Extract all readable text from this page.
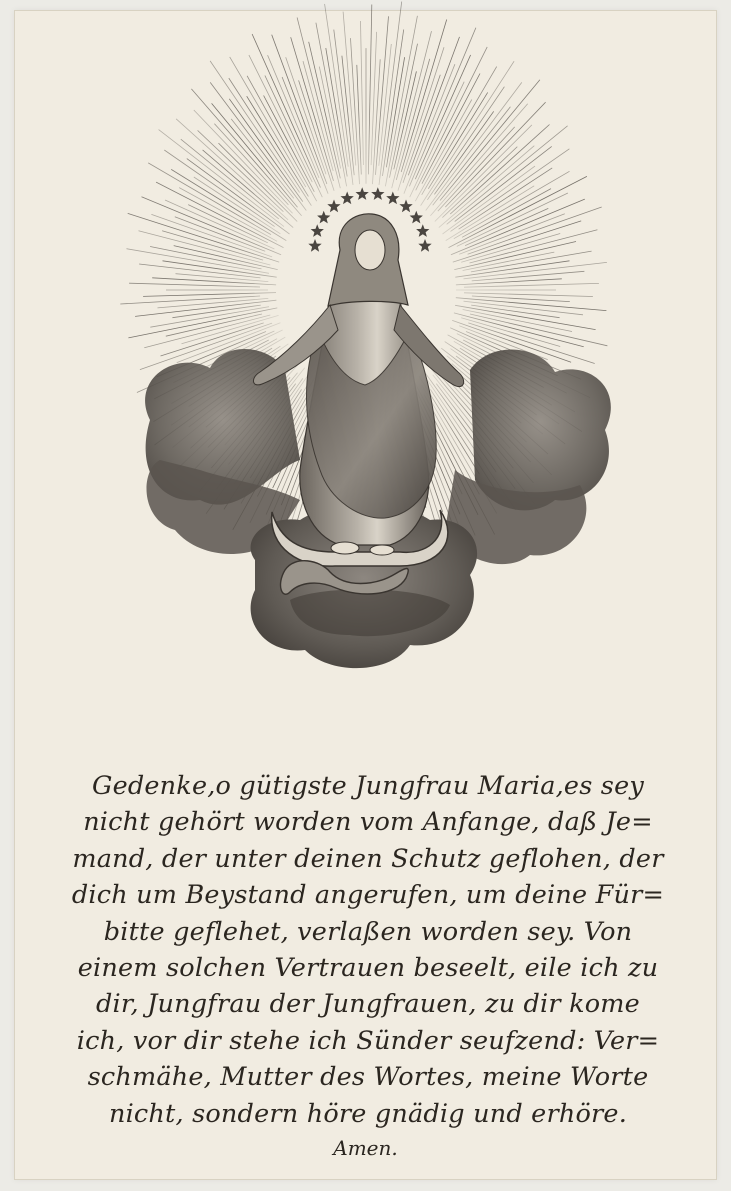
Gedenke,o gütigste Jungfrau Maria,es sey
nicht gehört worden vom Anfange, daß Je=
mand, der unter deinen Schutz geflohen, der
dich um Beystand angerufen, um deine Für=
bitte geflehet, verlaßen worden sey. Von
einem solchen Vertrauen beseelt, eile ich zu
dir, Jungfrau der Jungfrauen, zu dir kome
ich, vor dir stehe ich Sünder seufzend: Ver=
schmähe, Mutter des Wortes, meine Worte
nicht, sondern höre gnädig und erhöre.
Amen.
